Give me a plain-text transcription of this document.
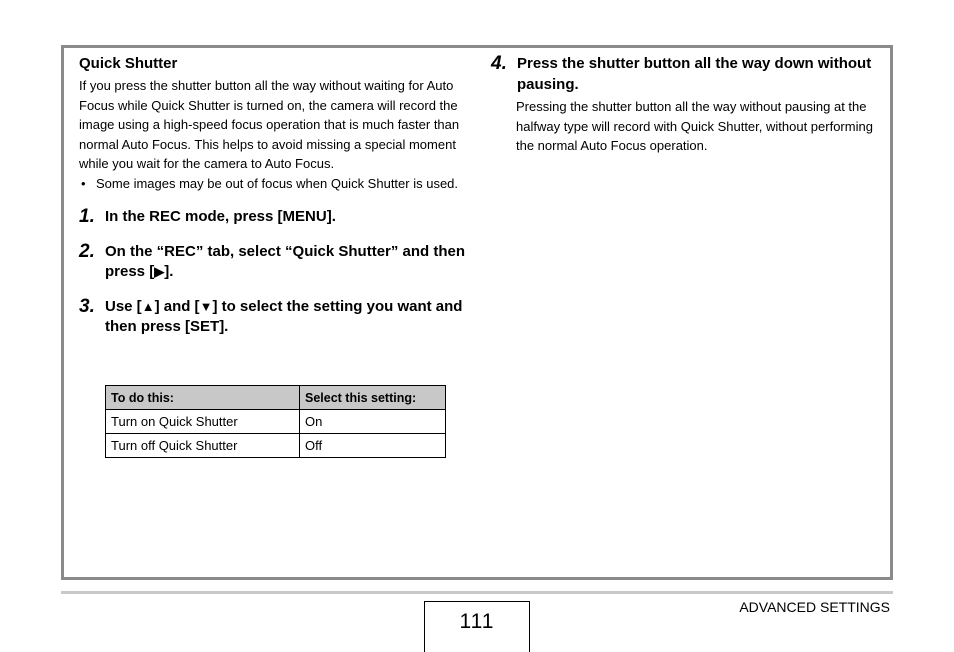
Quick Shutter

If you press the shutter button all the way without waiting for Auto Focus while Quick Shutter is turned on, the camera will record the image using a high-speed focus operation that is much faster than normal Auto Focus. This helps to avoid missing a special moment while you wait for the camera to Auto Focus.

• Some images may be out of focus when Quick Shutter is used.
1. In the REC mode, press [MENU].
2. On the “REC” tab, select “Quick Shutter” and then press [▶].
3. Use [▲] and [▼] to select the setting you want and then press [SET].
To do this:	Select this setting:
Turn on Quick Shutter	On
Turn off Quick Shutter	Off
4. Press the shutter button all the way down without pausing.

Pressing the shutter button all the way without pausing at the halfway type will record with Quick Shutter, without performing the normal Auto Focus operation.

111
ADVANCED SETTINGS
